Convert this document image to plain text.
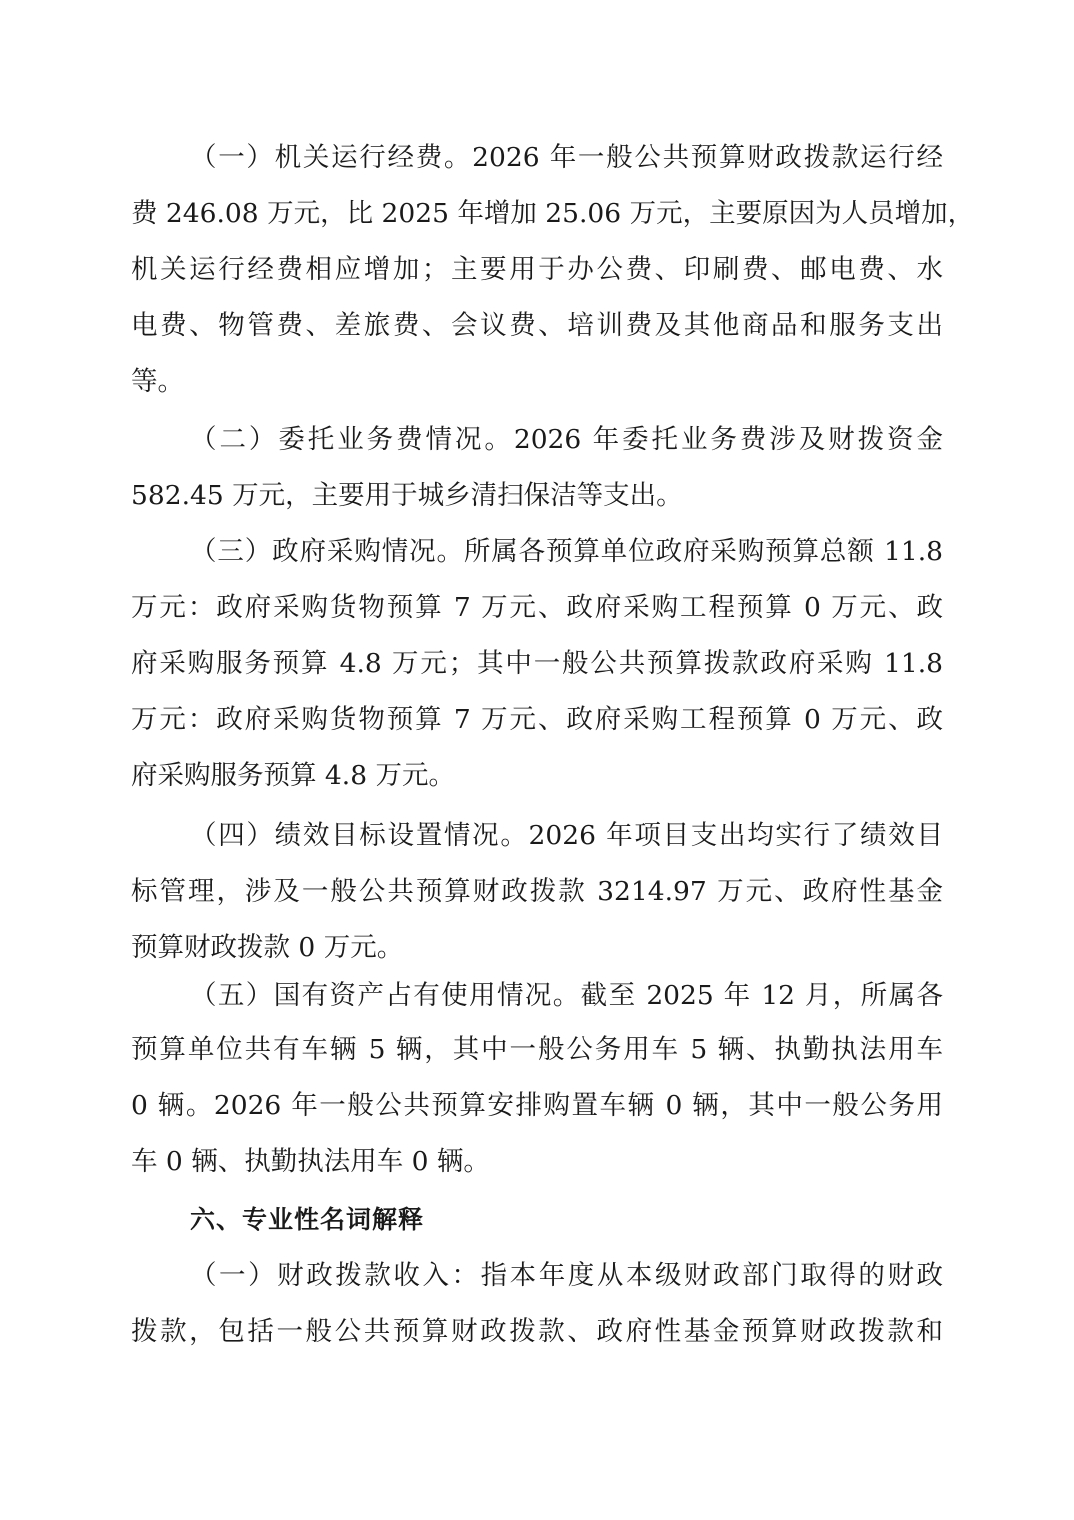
（一）机关运行经费。2026 年一般公共预算财政拨款运行经
费 246.08 万元，比 2025 年增加 25.06 万元，主要原因为人员增加，
机关运行经费相应增加；主要用于办公费、印刷费、邮电费、水
电费、物管费、差旅费、会议费、培训费及其他商品和服务支出
等。
（二）委托业务费情况。2026 年委托业务费涉及财拨资金
582.45 万元，主要用于城乡清扫保洁等支出。
（三）政府采购情况。所属各预算单位政府采购预算总额 11.8
万元：政府采购货物预算 7 万元、政府采购工程预算 0 万元、政
府采购服务预算 4.8 万元；其中一般公共预算拨款政府采购 11.8
万元：政府采购货物预算 7 万元、政府采购工程预算 0 万元、政
府采购服务预算 4.8 万元。
（四）绩效目标设置情况。2026 年项目支出均实行了绩效目
标管理，涉及一般公共预算财政拨款 3214.97 万元、政府性基金
预算财政拨款 0 万元。
（五）国有资产占有使用情况。截至 2025 年 12 月，所属各
预算单位共有车辆 5 辆，其中一般公务用车 5 辆、执勤执法用车
0 辆。2026 年一般公共预算安排购置车辆 0 辆，其中一般公务用
车 0 辆、执勤执法用车 0 辆。
六、专业性名词解释
（一）财政拨款收入：指本年度从本级财政部门取得的财政
拨款，包括一般公共预算财政拨款、政府性基金预算财政拨款和
